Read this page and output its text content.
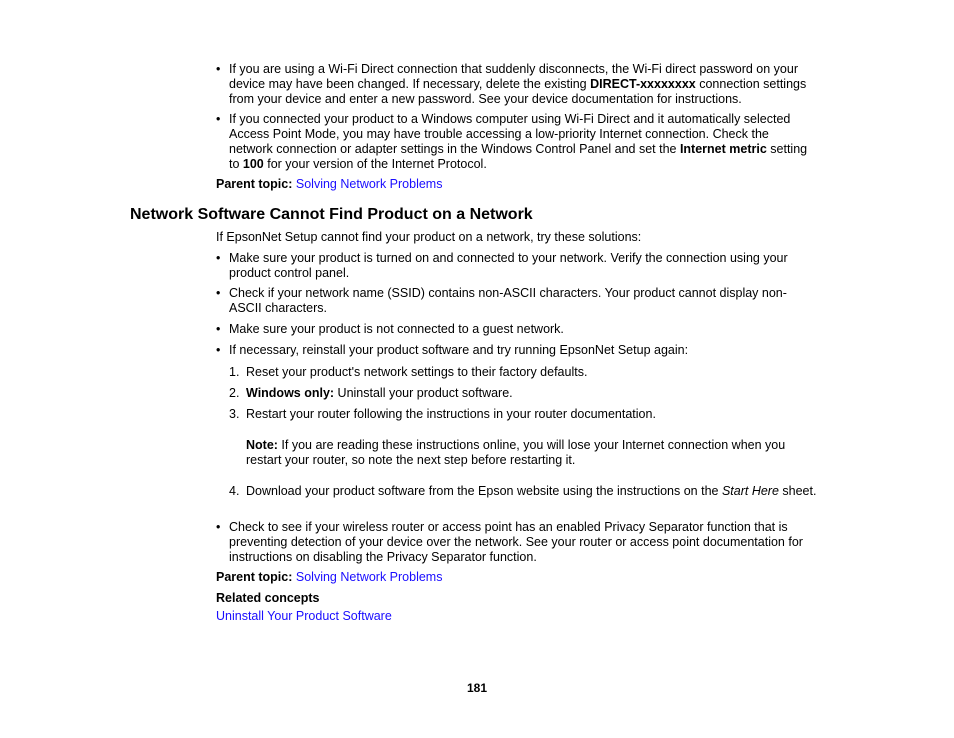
• If you are using a Wi-Fi Direct connection that suddenly disconnects, the Wi-Fi direct password on your device may have been changed. If necessary, delete the existing DIRECT-xxxxxxxx connection settings from your device and enter a new password. See your device documentation for instructions.
• If you connected your product to a Windows computer using Wi-Fi Direct and it automatically selected Access Point Mode, you may have trouble accessing a low-priority Internet connection. Check the network connection or adapter settings in the Windows Control Panel and set the Internet metric setting to 100 for your version of the Internet Protocol.
Parent topic: Solving Network Problems
Network Software Cannot Find Product on a Network
If EpsonNet Setup cannot find your product on a network, try these solutions:
• Make sure your product is turned on and connected to your network. Verify the connection using your product control panel.
• Check if your network name (SSID) contains non-ASCII characters. Your product cannot display non-ASCII characters.
• Make sure your product is not connected to a guest network.
• If necessary, reinstall your product software and try running EpsonNet Setup again:
1. Reset your product's network settings to their factory defaults.
2. Windows only: Uninstall your product software.
3. Restart your router following the instructions in your router documentation.
Note: If you are reading these instructions online, you will lose your Internet connection when you restart your router, so note the next step before restarting it.
4. Download your product software from the Epson website using the instructions on the Start Here sheet.
• Check to see if your wireless router or access point has an enabled Privacy Separator function that is preventing detection of your device over the network. See your router or access point documentation for instructions on disabling the Privacy Separator function.
Parent topic: Solving Network Problems
Related concepts
Uninstall Your Product Software
181
